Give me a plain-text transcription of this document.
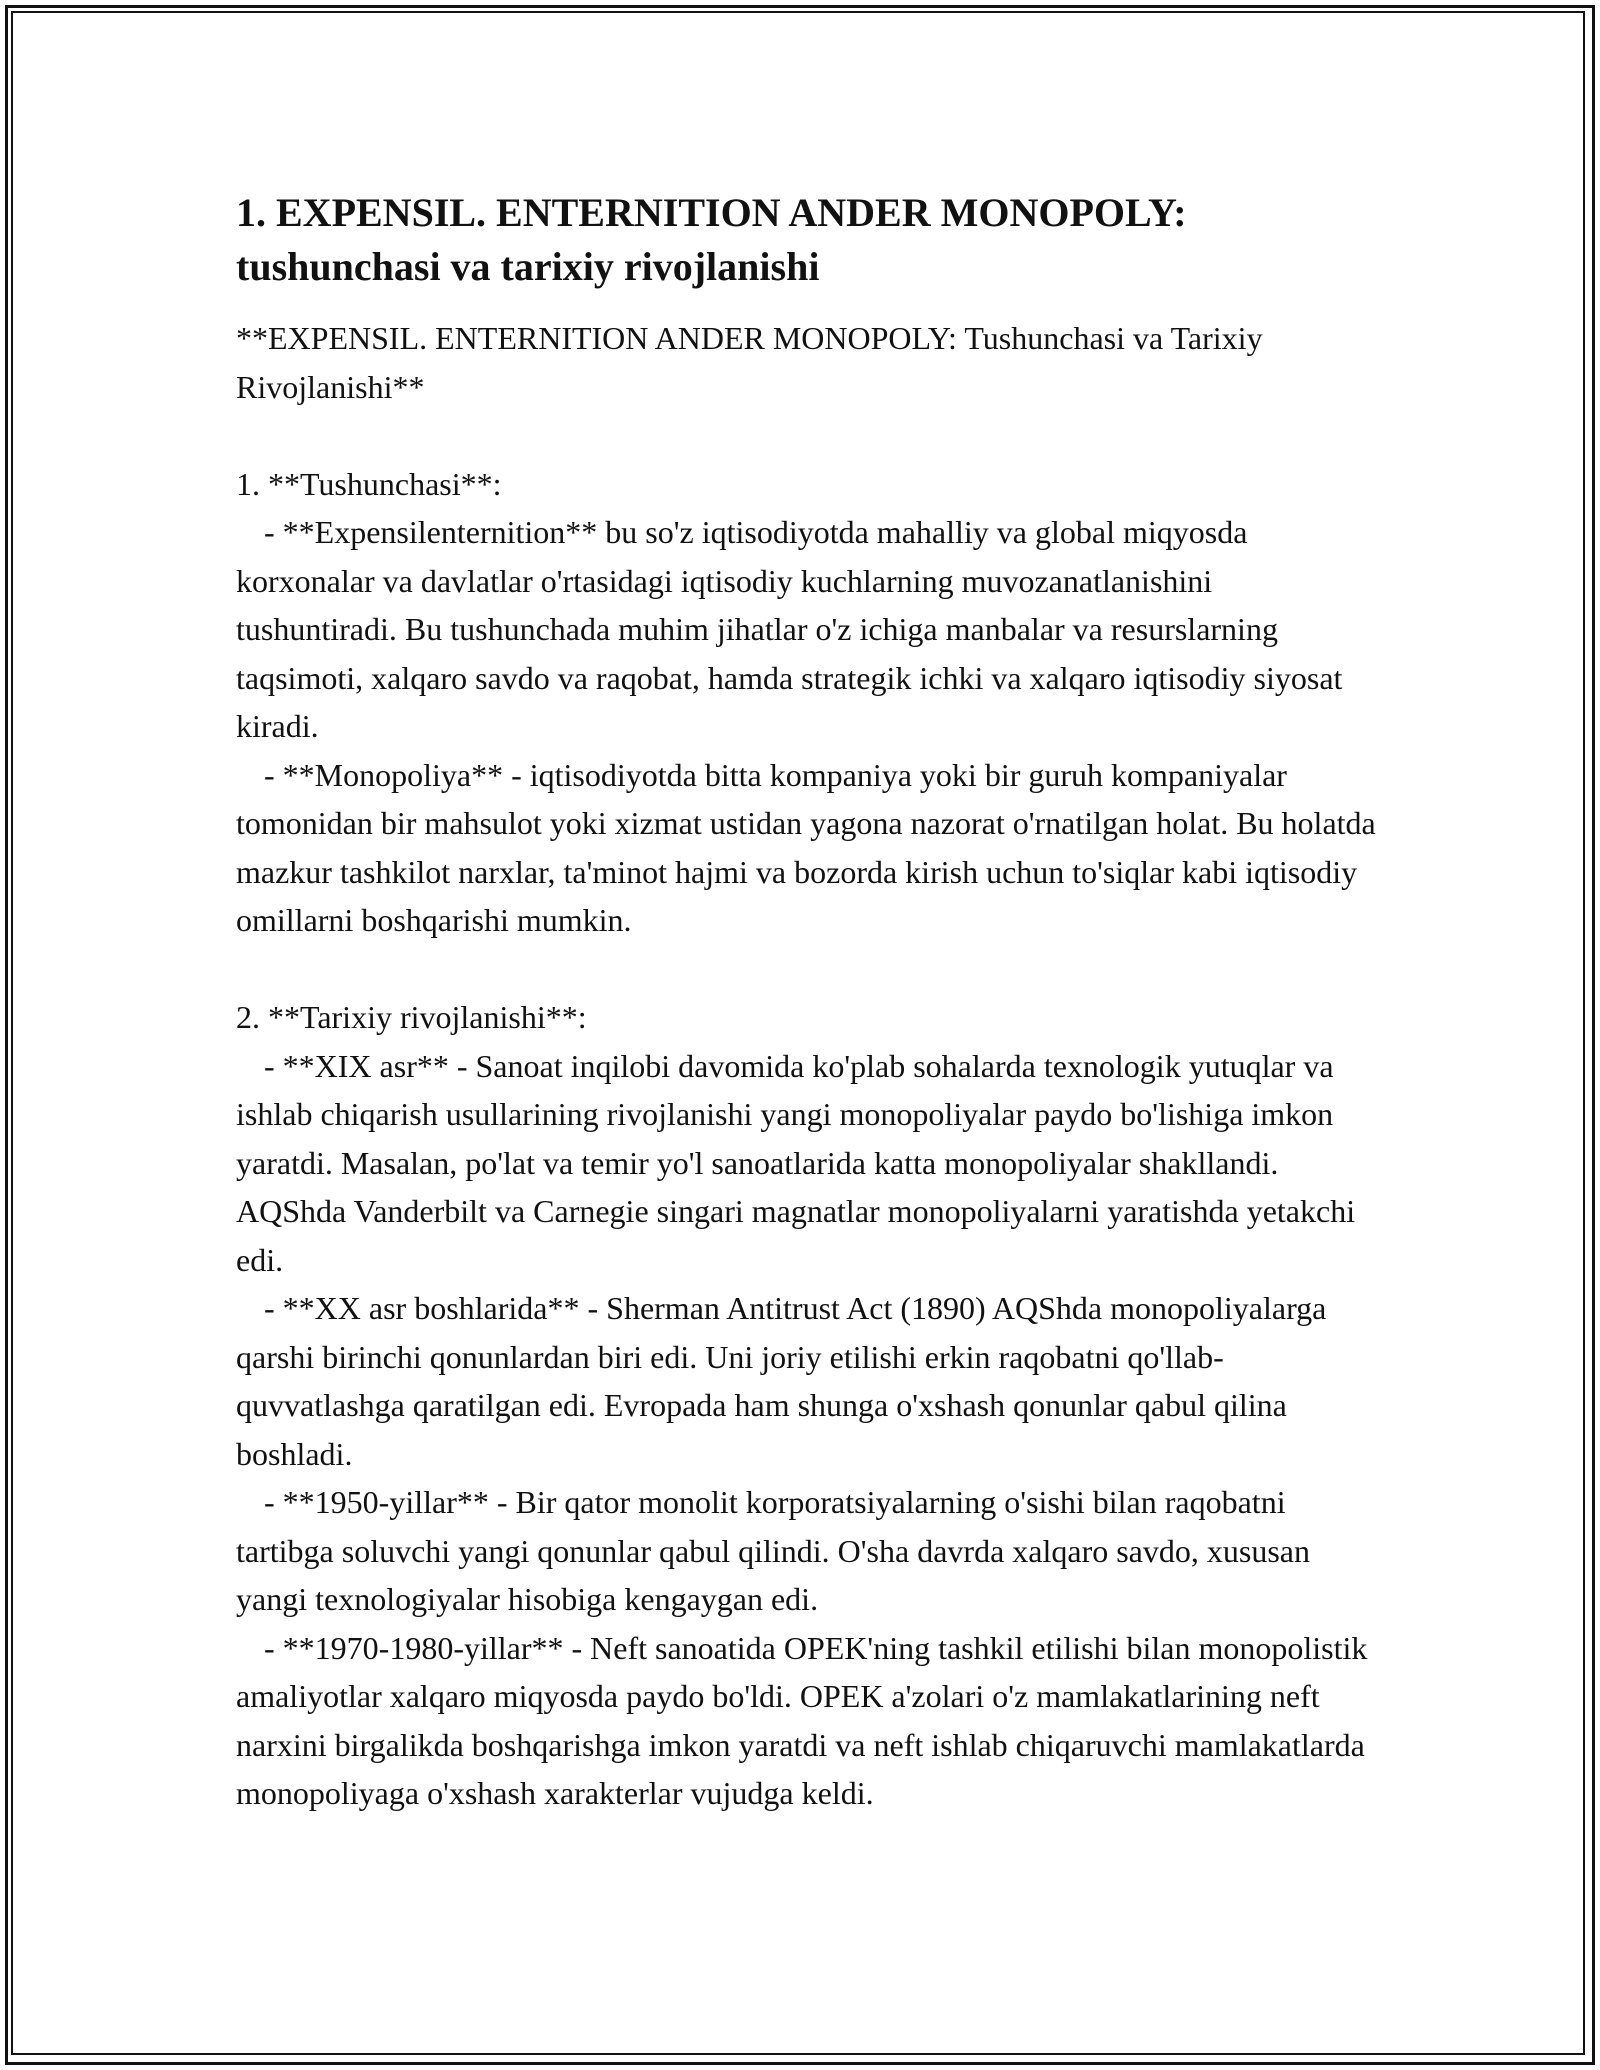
1. EXPENSIL. ENTERNITION ANDER MONOPOLY:
tushunchasi va tarixiy rivojlanishi

**EXPENSIL. ENTERNITION ANDER MONOPOLY: Tushunchasi va Tarixiy Rivojlanishi**

1. **Tushunchasi**:

- **Expensilenternition** bu so'z iqtisodiyotda mahalliy va global miqyosda korxonalar va davlatlar o'rtasidagi iqtisodiy kuchlarning muvozanatlanishini tushuntiradi. Bu tushunchada muhim jihatlar o'z ichiga manbalar va resurslarning taqsimoti, xalqaro savdo va raqobat, hamda strategik ichki va xalqaro iqtisodiy siyosat kiradi.

- **Monopoliya** - iqtisodiyotda bitta kompaniya yoki bir guruh kompaniyalar tomonidan bir mahsulot yoki xizmat ustidan yagona nazorat o'rnatilgan holat. Bu holatda mazkur tashkilot narxlar, ta'minot hajmi va bozorda kirish uchun to'siqlar kabi iqtisodiy omillarni boshqarishi mumkin.

2. **Tarixiy rivojlanishi**:

- **XIX asr** - Sanoat inqilobi davomida ko'plab sohalarda texnologik yutuqlar va ishlab chiqarish usullarining rivojlanishi yangi monopoliyalar paydo bo'lishiga imkon yaratdi. Masalan, po'lat va temir yo'l sanoatlarida katta monopoliyalar shakllandi. AQShda Vanderbilt va Carnegie singari magnatlar monopoliyalarni yaratishda yetakchi edi.

- **XX asr boshlarida** - Sherman Antitrust Act (1890) AQShda monopoliyalarga qarshi birinchi qonunlardan biri edi. Uni joriy etilishi erkin raqobatni qo'llab-quvvatlashga qaratilgan edi. Evropada ham shunga o'xshash qonunlar qabul qilina boshladi.

- **1950-yillar** - Bir qator monolit korporatsiyalarning o'sishi bilan raqobatni tartibga soluvchi yangi qonunlar qabul qilindi. O'sha davrda xalqaro savdo, xususan yangi texnologiyalar hisobiga kengaygan edi.

- **1970-1980-yillar** - Neft sanoatida OPEK'ning tashkil etilishi bilan monopolistik amaliyotlar xalqaro miqyosda paydo bo'ldi. OPEK a'zolari o'z mamlakatlarining neft narxini birgalikda boshqarishga imkon yaratdi va neft ishlab chiqaruvchi mamlakatlarda monopoliyaga o'xshash xarakterlar vujudga keldi.
